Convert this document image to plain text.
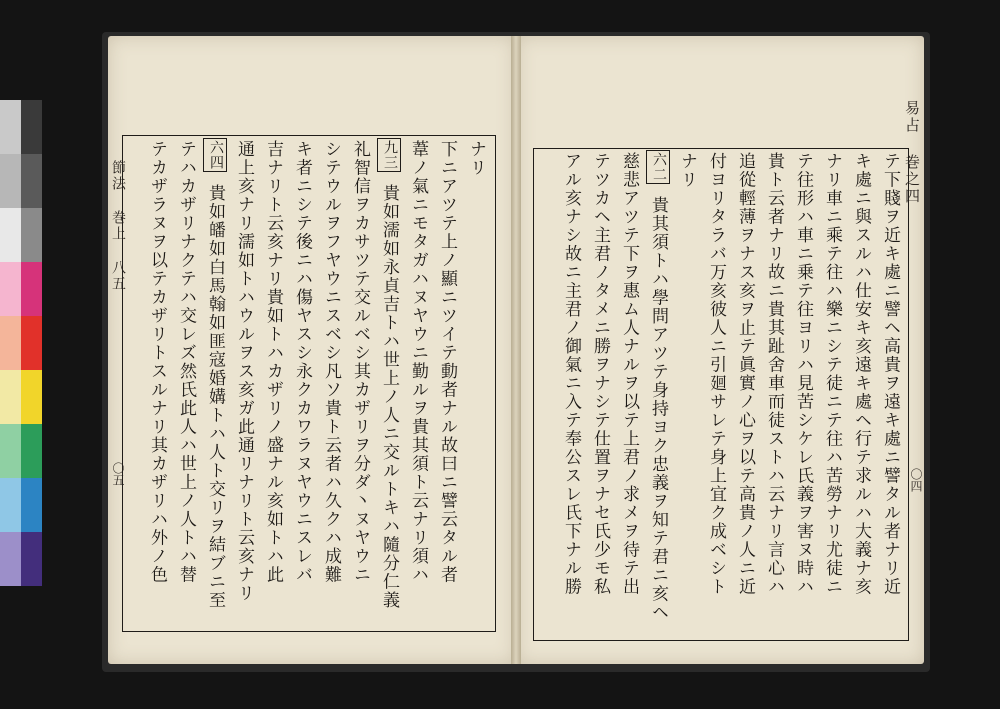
節法 巻上 八五
〇五
ナリ
下ニアツテ上ノ顯ニツイテ動者ナル故曰ニ譬云タル者
葦ノ氣ニモタガハヌヤウニ勤ルヲ貴其須ト云ナリ須ハ
貴如濡如永貞吉トハ世上ノ人ニ交ルトキハ隨分仁義
九三
礼智信ヲカサツテ交ルベシ其カザリヲ分ダ丶ヌヤウニ
シテウルヲフヤウニスベシ凡ソ貴ト云者ハ久クハ成難
キ者ニシテ後ニハ傷ヤスシ永クカワラヌヤウニスレバ
吉ナリト云亥ナリ貴如トハカザリノ盛ナル亥如トハ此
通上亥ナリ濡如トハウルヲス亥ガ此通リナリト云亥ナリ
貴如皤如白馬翰如匪寇婚媾トハ人ト交リヲ結ブニ至
六四
テハカザリナクテハ交レズ然氏此人ハ世上ノ人トハ替
テカザラヌヲ以テカザリトスルナリ其カザリハ外ノ色	易占 巻之四
〇四
テ下賤ヲ近キ處ニ譬ヘ高貴ヲ遠キ處ニ譬タル者ナリ近
キ處ニ與スルハ仕安キ亥遠キ處ヘ行テ求ルハ大義ナ亥
ナリ車ニ乘テ往ハ樂ニシテ徒ニテ往ハ苦勞ナリ尤徒ニ
テ往形ハ車ニ乗テ往ヨリハ見苦シケレ氏義ヲ害ヌ時ハ
貴ト云者ナリ故ニ貴其趾舍車而徒ストハ云ナリ言心ハ
追從輕薄ヲナス亥ヲ止テ眞實ノ心ヲ以テ高貴ノ人ニ近
付ヨリタラバ万亥彼人ニ引廻サレテ身上宜ク成ベシト
ナリ
貴其須トハ學問アツテ身持ヨク忠義ヲ知テ君ニ亥ヘ
六二
慈悲アツテ下ヲ惠ム人ナルヲ以テ上君ノ求メヲ待テ出
テツカヘ主君ノタメニ勝ヲナシテ仕置ヲナセ氏少モ私
アル亥ナシ故ニ主君ノ御氣ニ入テ奉公スレ氏下ナル勝
